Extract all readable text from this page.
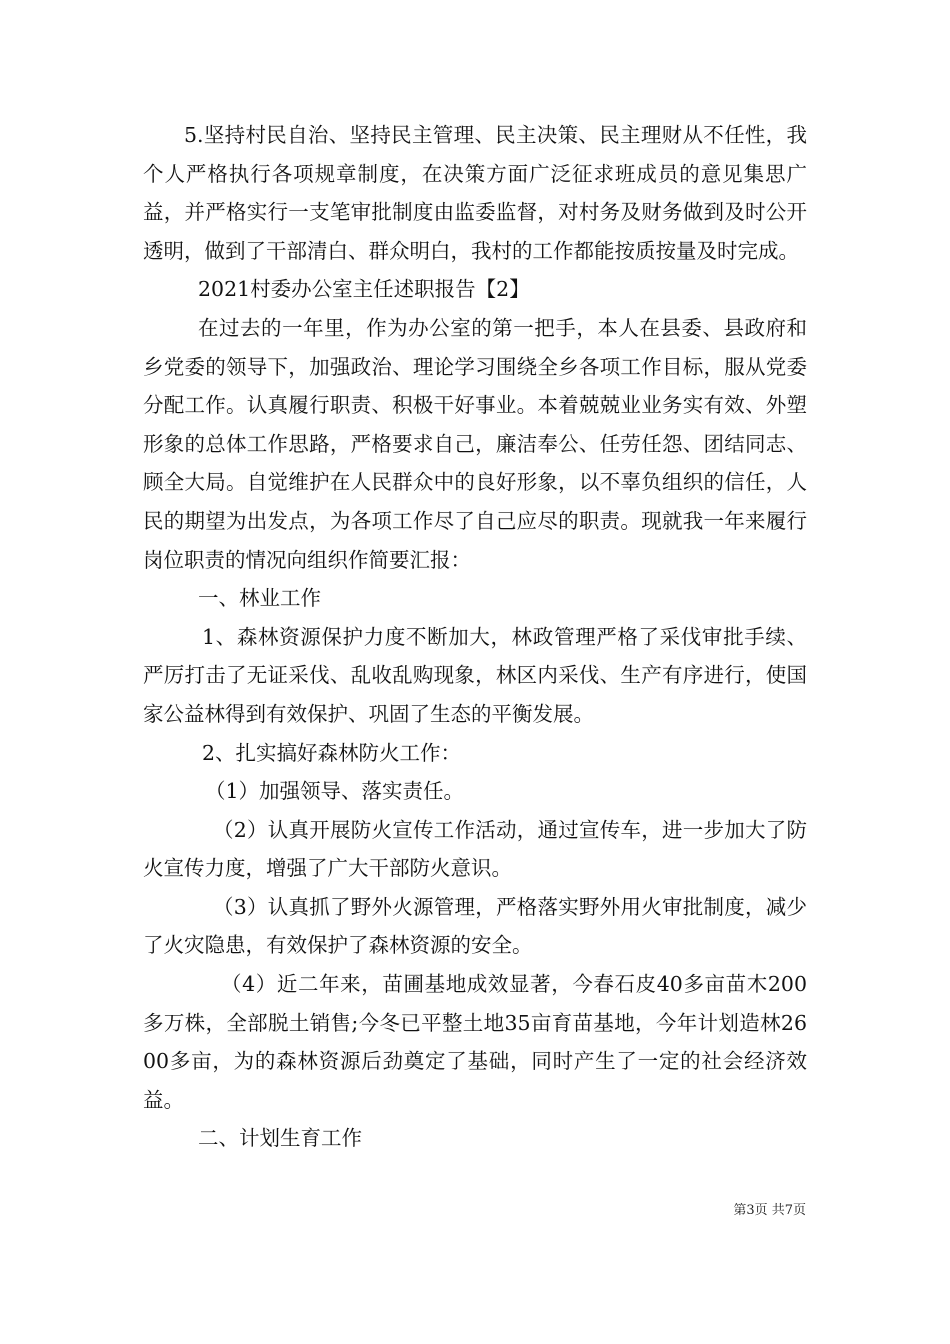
5.坚持村民自治、坚持民主管理、民主决策、民主理财从不任性，我个人严格执行各项规章制度，在决策方面广泛征求班成员的意见集思广益，并严格实行一支笔审批制度由监委监督，对村务及财务做到及时公开透明，做到了干部清白、群众明白，我村的工作都能按质按量及时完成。

2021村委办公室主任述职报告【2】

在过去的一年里，作为办公室的第一把手，本人在县委、县政府和乡党委的领导下，加强政治、理论学习围绕全乡各项工作目标，服从党委分配工作。认真履行职责、积极干好事业。本着兢兢业业务实有效、外塑形象的总体工作思路，严格要求自己，廉洁奉公、任劳任怨、团结同志、顾全大局。自觉维护在人民群众中的良好形象，以不辜负组织的信任，人民的期望为出发点，为各项工作尽了自己应尽的职责。现就我一年来履行岗位职责的情况向组织作简要汇报：

一、林业工作

1、森林资源保护力度不断加大，林政管理严格了采伐审批手续、严厉打击了无证采伐、乱收乱购现象，林区内采伐、生产有序进行，使国家公益林得到有效保护、巩固了生态的平衡发展。

2、扎实搞好森林防火工作：

（1）加强领导、落实责任。

（2）认真开展防火宣传工作活动，通过宣传车，进一步加大了防火宣传力度，增强了广大干部防火意识。

（3）认真抓了野外火源管理，严格落实野外用火审批制度，减少了火灾隐患，有效保护了森林资源的安全。

（4）近二年来，苗圃基地成效显著，今春石皮40多亩苗木200多万株，全部脱土销售;今冬已平整土地35亩育苗基地，今年计划造林2600多亩，为的森林资源后劲奠定了基础，同时产生了一定的社会经济效益。

二、计划生育工作

第3页 共7页
